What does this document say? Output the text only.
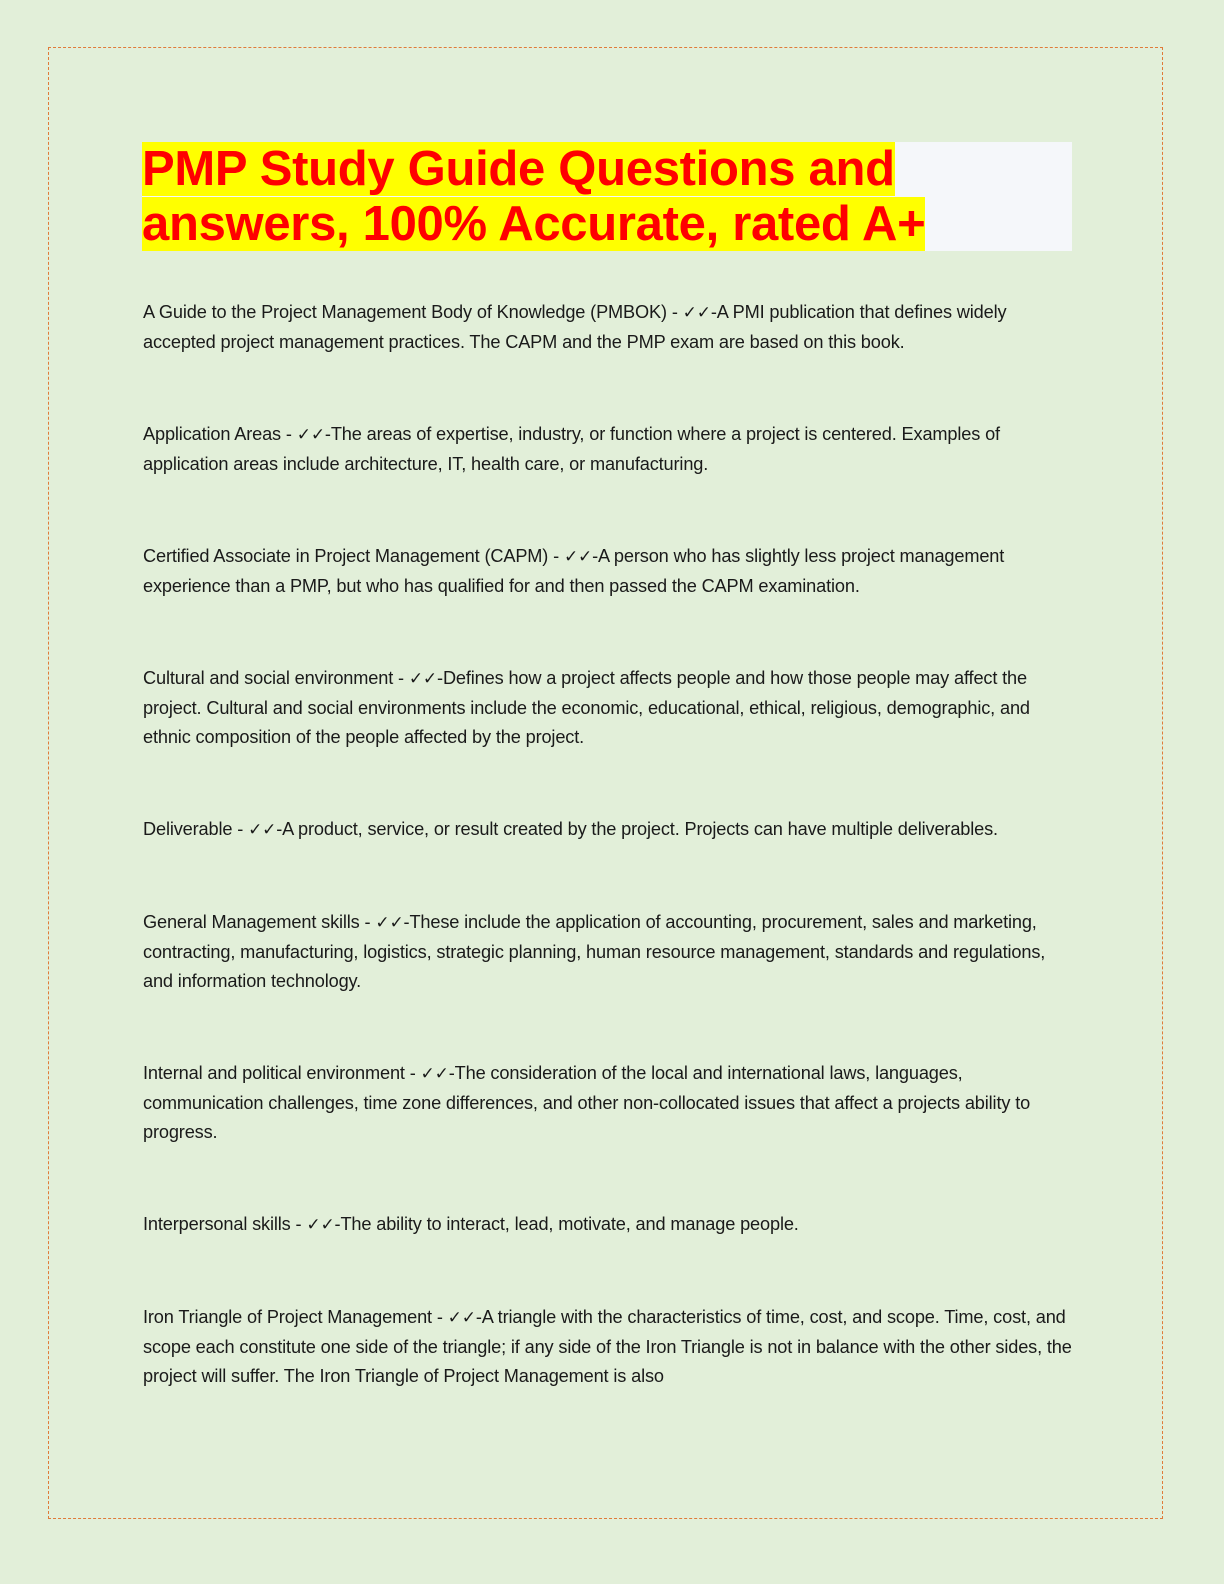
PMP Study Guide Questions and
answers, 100% Accurate, rated A+

A Guide to the Project Management Body of Knowledge (PMBOK) - ✓✓-A PMI publication that defines widely accepted project management practices. The CAPM and the PMP exam are based on this book.

Application Areas - ✓✓-The areas of expertise, industry, or function where a project is centered. Examples of application areas include architecture, IT, health care, or manufacturing.

Certified Associate in Project Management (CAPM) - ✓✓-A person who has slightly less project management experience than a PMP, but who has qualified for and then passed the CAPM examination.

Cultural and social environment - ✓✓-Defines how a project affects people and how those people may affect the project. Cultural and social environments include the economic, educational, ethical, religious, demographic, and ethnic composition of the people affected by the project.

Deliverable - ✓✓-A product, service, or result created by the project. Projects can have multiple deliverables.

General Management skills - ✓✓-These include the application of accounting, procurement, sales and marketing, contracting, manufacturing, logistics, strategic planning, human resource management, standards and regulations, and information technology.

Internal and political environment - ✓✓-The consideration of the local and international laws, languages, communication challenges, time zone differences, and other non-collocated issues that affect a projects ability to progress.

Interpersonal skills - ✓✓-The ability to interact, lead, motivate, and manage people.

Iron Triangle of Project Management - ✓✓-A triangle with the characteristics of time, cost, and scope. Time, cost, and scope each constitute one side of the triangle; if any side of the Iron Triangle is not in balance with the other sides, the project will suffer. The Iron Triangle of Project Management is also
